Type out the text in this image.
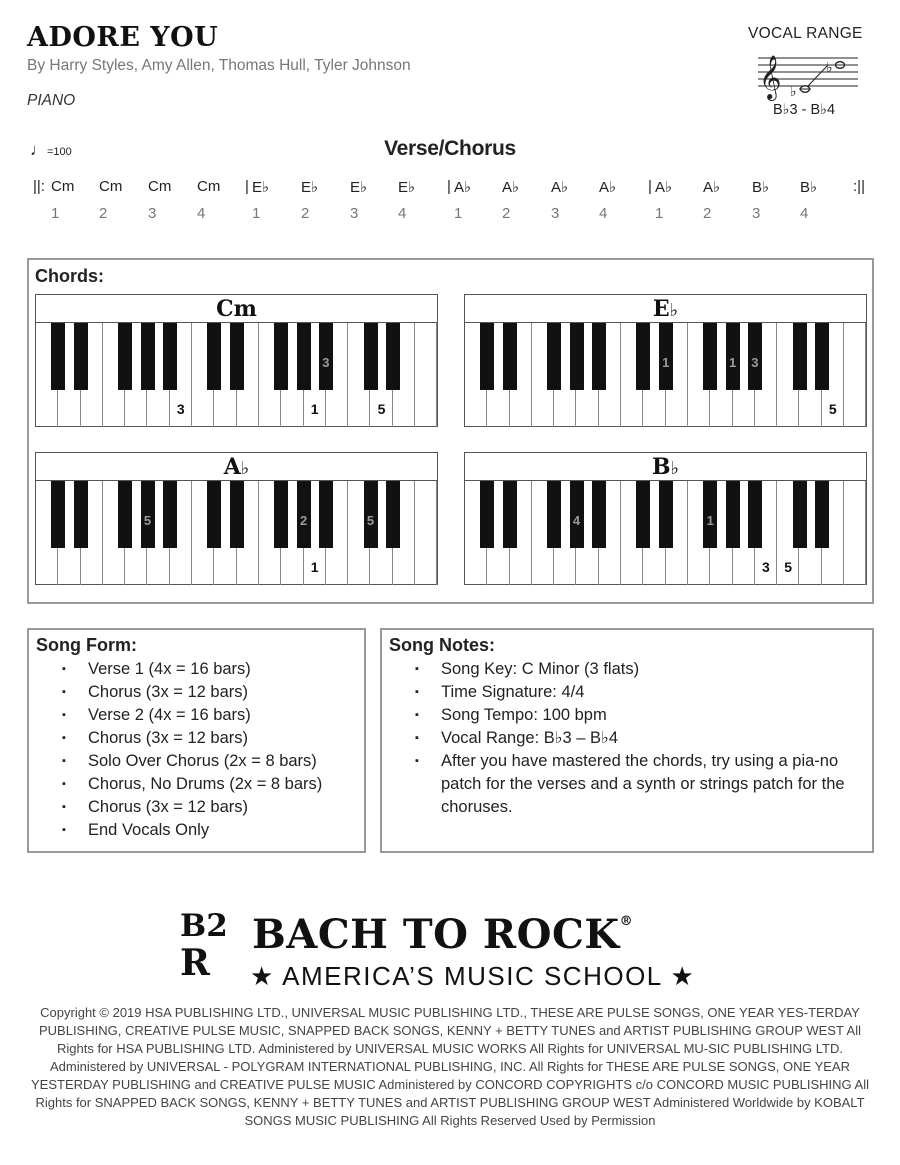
ADORE YOU
By Harry Styles, Amy Allen, Thomas Hull, Tyler Johnson
PIANO
VOCAL RANGE
𝄞 ♭
♭
B♭3 - B♭4
♩=100	Verse/Chorus
||: Cm Cm Cm Cm | E♭ E♭ E♭ E♭ | A♭ A♭ A♭ A♭ | A♭ A♭ B♭ B♭ :||
1	2	3	4	1	2	3	4	1	2	3	4	1	2	3	4
Chords:
Cm
3
3
1	5
E♭
1	1 3
5
A♭
5
1
2	5
B♭
4	1
3	5
Song Form:
▪ Verse 1 (4x = 16 bars)
▪ Chorus (3x = 12 bars)
▪ Verse 2 (4x = 16 bars)
▪ Chorus (3x = 12 bars)
▪ Solo Over Chorus (2x = 8 bars)
▪ Chorus, No Drums (2x = 8 bars)
▪ Chorus (3x = 12 bars)
▪ End Vocals Only
Song Notes:
▪ Song Key: C Minor (3 flats)
▪ Time Signature: 4/4
▪ Song Tempo: 100 bpm
▪ Vocal Range: B♭3 – B♭4
▪ After you have mastered the chords, try using a pia-no patch for the verses and a synth or strings patch for the choruses.
B2
R
BACH TO ROCK®
★ AMERICA’S MUSIC SCHOOL ★
Copyright © 2019 HSA PUBLISHING LTD., UNIVERSAL MUSIC PUBLISHING LTD., THESE ARE PULSE SONGS, ONE YEAR YES-TERDAY PUBLISHING, CREATIVE PULSE MUSIC, SNAPPED BACK SONGS, KENNY + BETTY TUNES and ARTIST PUBLISHING GROUP WEST All Rights for HSA PUBLISHING LTD. Administered by UNIVERSAL MUSIC WORKS All Rights for UNIVERSAL MU-SIC PUBLISHING LTD. Administered by UNIVERSAL - POLYGRAM INTERNATIONAL PUBLISHING, INC. All Rights for THESE ARE PULSE SONGS, ONE YEAR YESTERDAY PUBLISHING and CREATIVE PULSE MUSIC Administered by CONCORD COPYRIGHTS c/o CONCORD MUSIC PUBLISHING All Rights for SNAPPED BACK SONGS, KENNY + BETTY TUNES and ARTIST PUBLISHING GROUP WEST Administered Worldwide by KOBALT SONGS MUSIC PUBLISHING All Rights Reserved Used by Permission
